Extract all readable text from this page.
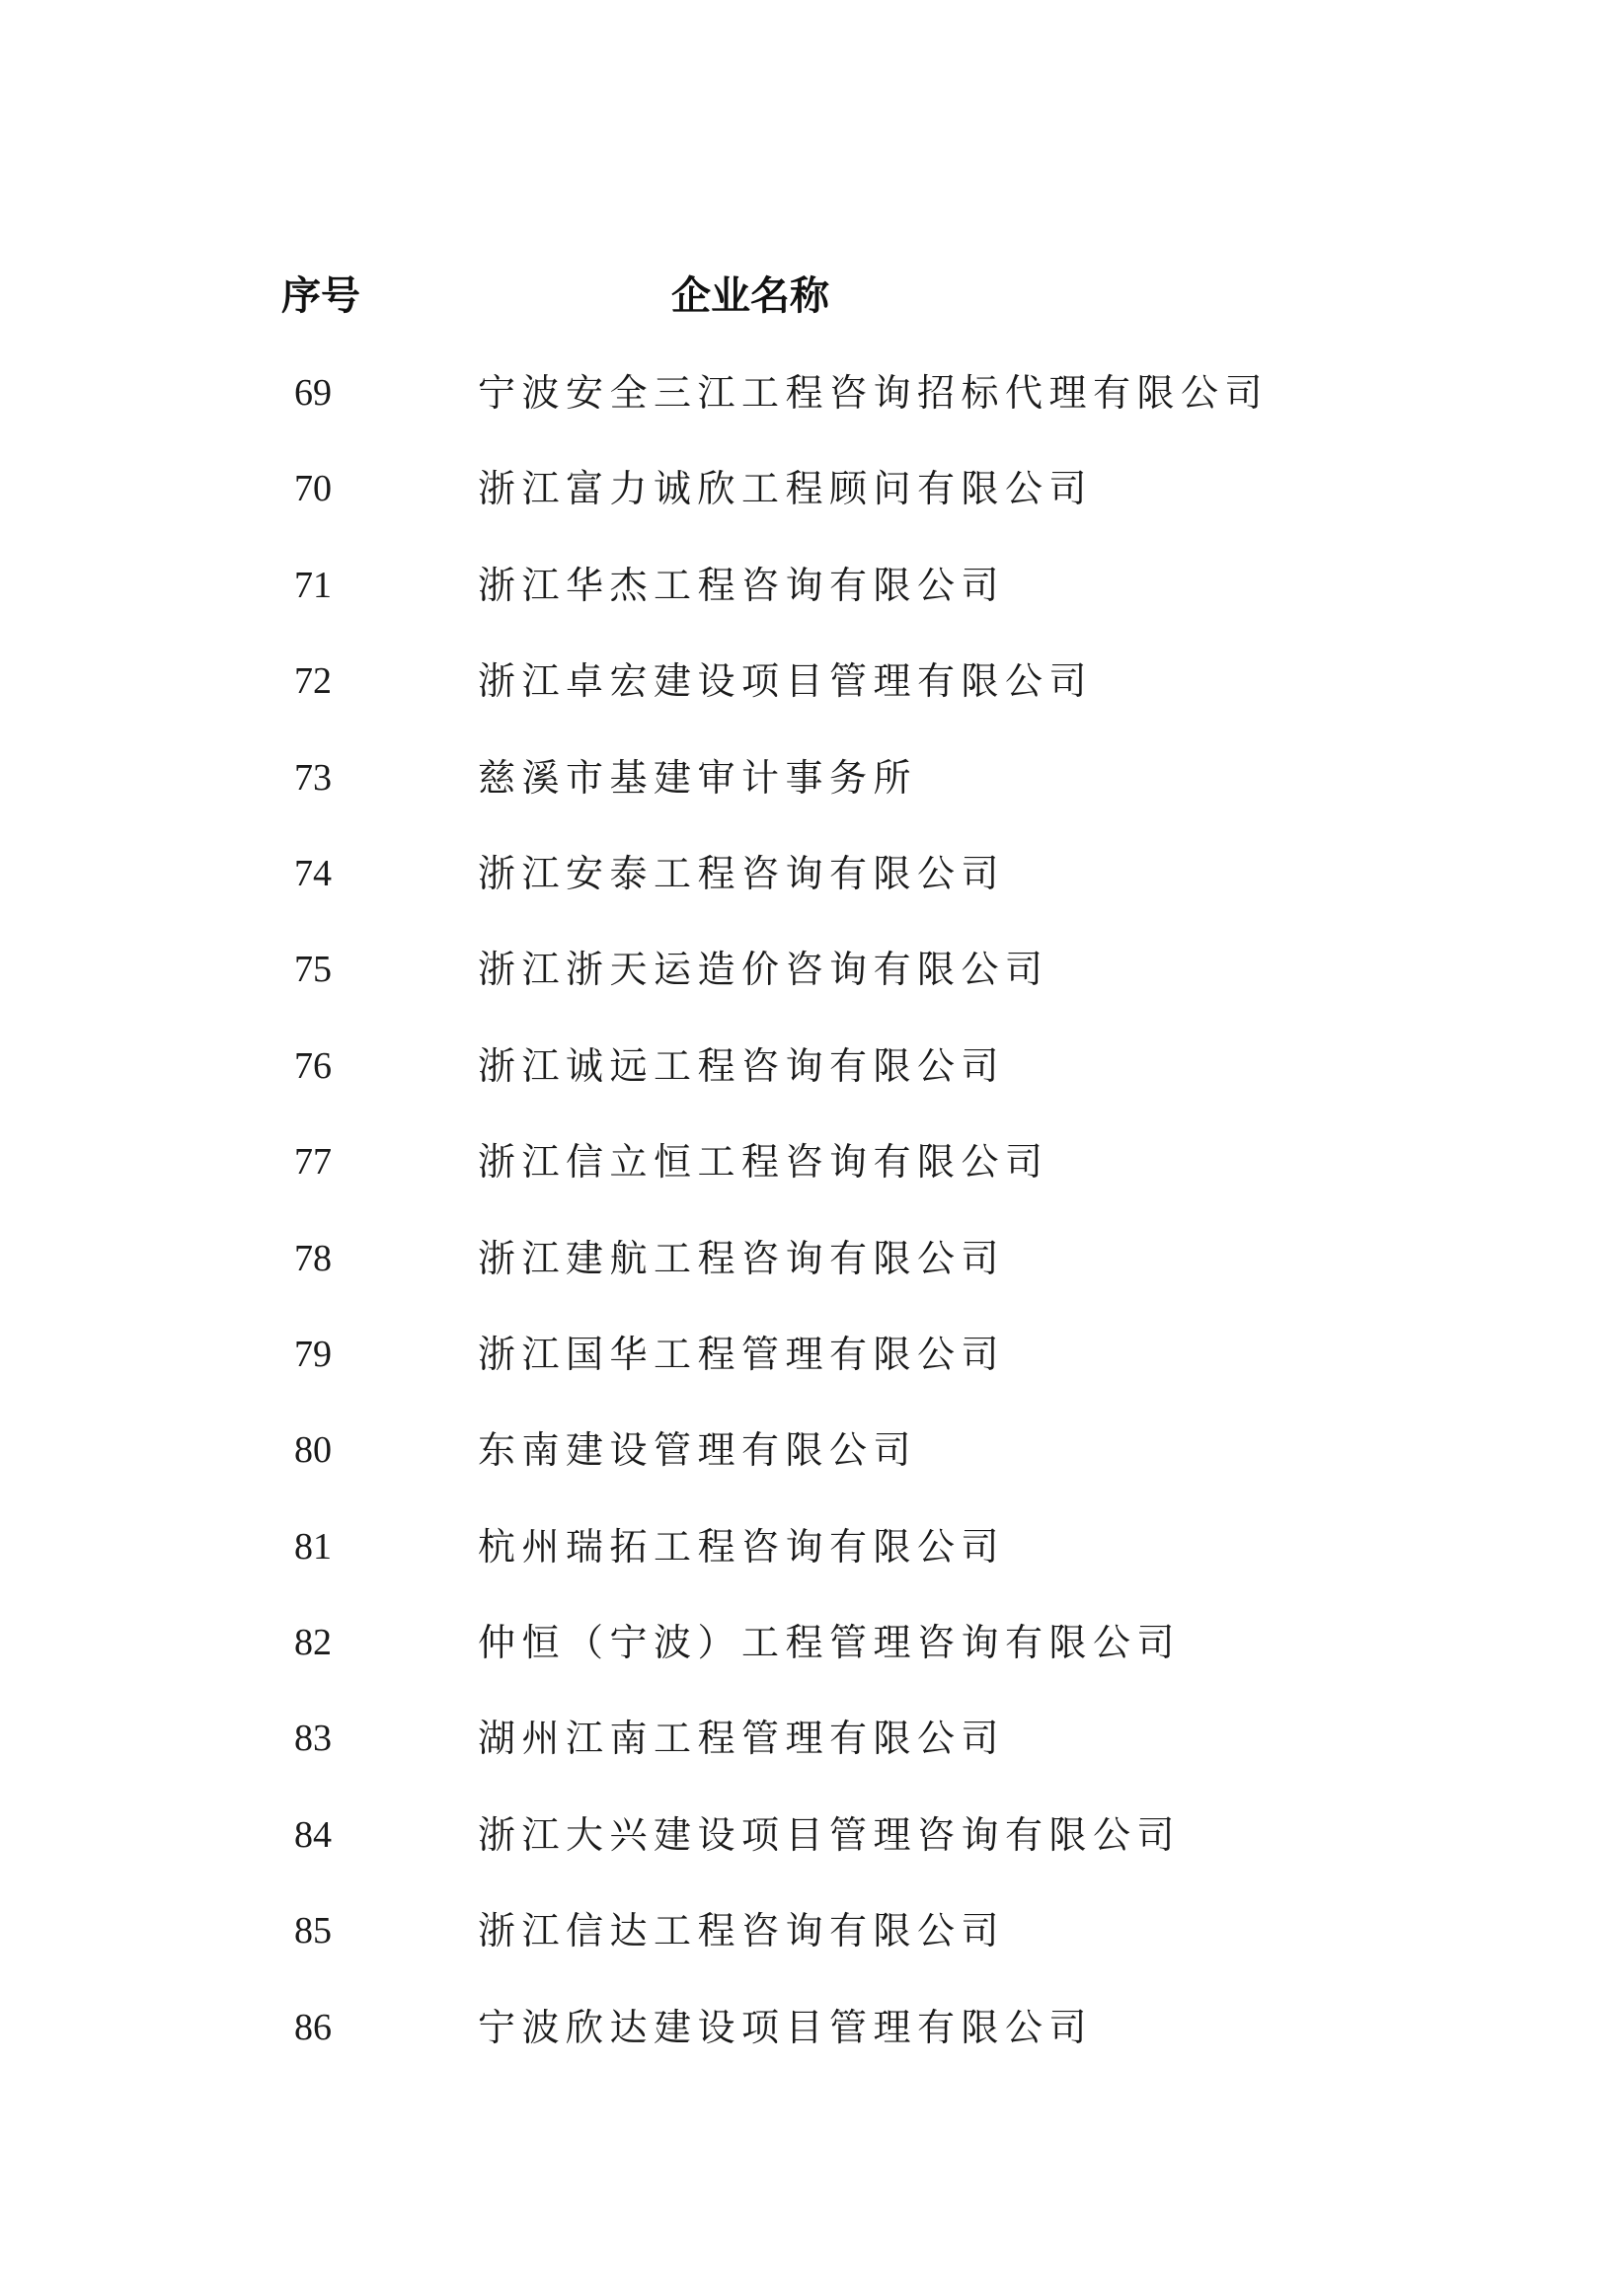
序号	企业名称
69	宁波安全三江工程咨询招标代理有限公司
70	浙江富力诚欣工程顾问有限公司
71	浙江华杰工程咨询有限公司
72	浙江卓宏建设项目管理有限公司
73	慈溪市基建审计事务所
74	浙江安泰工程咨询有限公司
75	浙江浙天运造价咨询有限公司
76	浙江诚远工程咨询有限公司
77	浙江信立恒工程咨询有限公司
78	浙江建航工程咨询有限公司
79	浙江国华工程管理有限公司
80	东南建设管理有限公司
81	杭州瑞拓工程咨询有限公司
82	仲恒（宁波）工程管理咨询有限公司
83	湖州江南工程管理有限公司
84	浙江大兴建设项目管理咨询有限公司
85	浙江信达工程咨询有限公司
86	宁波欣达建设项目管理有限公司
